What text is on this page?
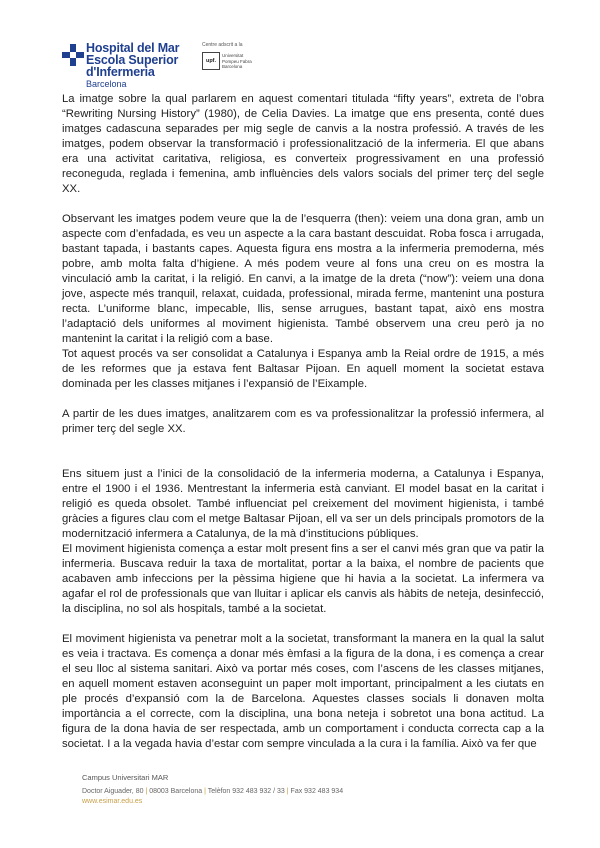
Hospital del Mar
Escola Superior
d'Infermeria
Barcelona
Centre adscrit a la
upf.
Universitat
Pompeu Fabra
Barcelona

La imatge sobre la qual parlarem en aquest comentari titulada “fifty years”, extreta de l’obra “Rewriting Nursing History” (1980), de Celia Davies. La imatge que ens presenta, conté dues imatges cadascuna separades per mig segle de canvis a la nostra professió. A través de les imatges, podem observar la transformació i professionalització de la infermeria. El que abans era una activitat caritativa, religiosa, es converteix progressivament en una professió reconeguda, reglada i femenina, amb influències dels valors socials del primer terç del segle XX.

Observant les imatges podem veure que la de l’esquerra (then): veiem una dona gran, amb un aspecte com d’enfadada, es veu un aspecte a la cara bastant descuidat. Roba fosca i arrugada, bastant tapada, i bastants capes. Aquesta figura ens mostra a la infermeria premoderna, més pobre, amb molta falta d’higiene. A més podem veure al fons una creu on es mostra la vinculació amb la caritat, i la religió. En canvi, a la imatge de la dreta (“now”): veiem una dona jove, aspecte més tranquil, relaxat, cuidada, professional, mirada ferme, mantenint una postura recta. L’uniforme blanc, impecable, llis, sense arrugues, bastant tapat, això ens mostra l’adaptació dels uniformes al moviment higienista. També observem una creu però ja no mantenint la caritat i la religió com a base.

Tot aquest procés va ser consolidat a Catalunya i Espanya amb la Reial ordre de 1915, a més de les reformes que ja estava fent Baltasar Pijoan. En aquell moment la societat estava dominada per les classes mitjanes i l’expansió de l’Eixample.

A partir de les dues imatges, analitzarem com es va professionalitzar la professió infermera, al primer terç del segle XX.

Ens situem just a l’inici de la consolidació de la infermeria moderna, a Catalunya i Espanya, entre el 1900 i el 1936. Mentrestant la infermeria està canviant. El model basat en la caritat i religió es queda obsolet. També influenciat pel creixement del moviment higienista, i també gràcies a figures clau com el metge Baltasar Pijoan, ell va ser un dels principals promotors de la modernització infermera a Catalunya, de la mà d’institucions públiques.

El moviment higienista comença a estar molt present fins a ser el canvi més gran que va patir la infermeria. Buscava reduir la taxa de mortalitat, portar a la baixa, el nombre de pacients que acabaven amb infeccions per la pèssima higiene que hi havia a la societat. La infermera va agafar el rol de professionals que van lluitar i aplicar els canvis als hàbits de neteja, desinfecció, la disciplina, no sol als hospitals, també a la societat.

El moviment higienista va penetrar molt a la societat, transformant la manera en la qual la salut es veia i tractava. Es comença a donar més èmfasi a la figura de la dona, i es comença a crear el seu lloc al sistema sanitari. Això va portar més coses, com l’ascens de les classes mitjanes, en aquell moment estaven aconseguint un paper molt important, principalment a les ciutats en ple procés d’expansió com la de Barcelona. Aquestes classes socials li donaven molta importància a el correcte, com la disciplina, una bona neteja i sobretot una bona actitud. La figura de la dona havia de ser respectada, amb un comportament i conducta correcta cap a la societat. I a la vegada havia d’estar com sempre vinculada a la cura i la família. Això va fer que

Campus Universitari MAR
Doctor Aiguader, 80 | 08003 Barcelona | Telèfon 932 483 932 / 33 | Fax 932 483 934
www.esimar.edu.es
